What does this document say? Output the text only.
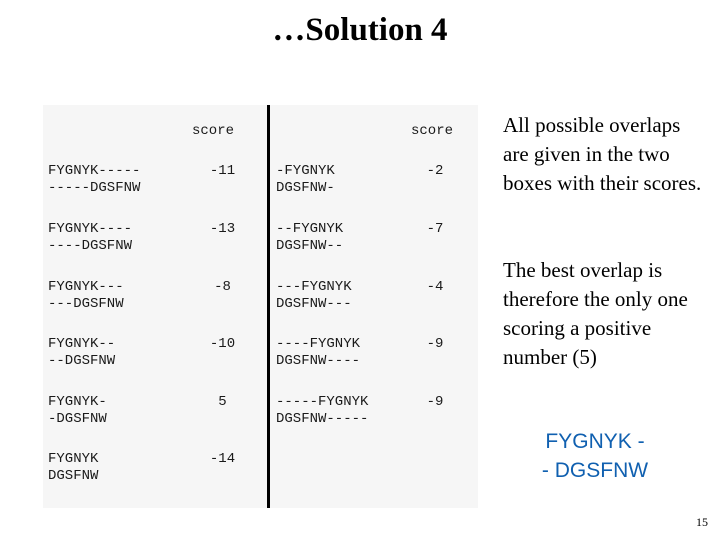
…Solution 4
score	score
FYGNYK-----
-----DGSFNW
-11
FYGNYK----
----DGSFNW
-13
FYGNYK---
---DGSFNW
-8
FYGNYK--
--DGSFNW
-10
FYGNYK-
-DGSFNW
5
FYGNYK
DGSFNW
-14
-FYGNYK
DGSFNW-
-2
--FYGNYK
DGSFNW--
-7
---FYGNYK
DGSFNW---
-4
----FYGNYK
DGSFNW----
-9
-----FYGNYK
DGSFNW-----
-9
All possible overlaps are given in the two boxes with their scores.
The best overlap is therefore the only one scoring a positive number (5)
FYGNYK -
- DGSFNW
15
